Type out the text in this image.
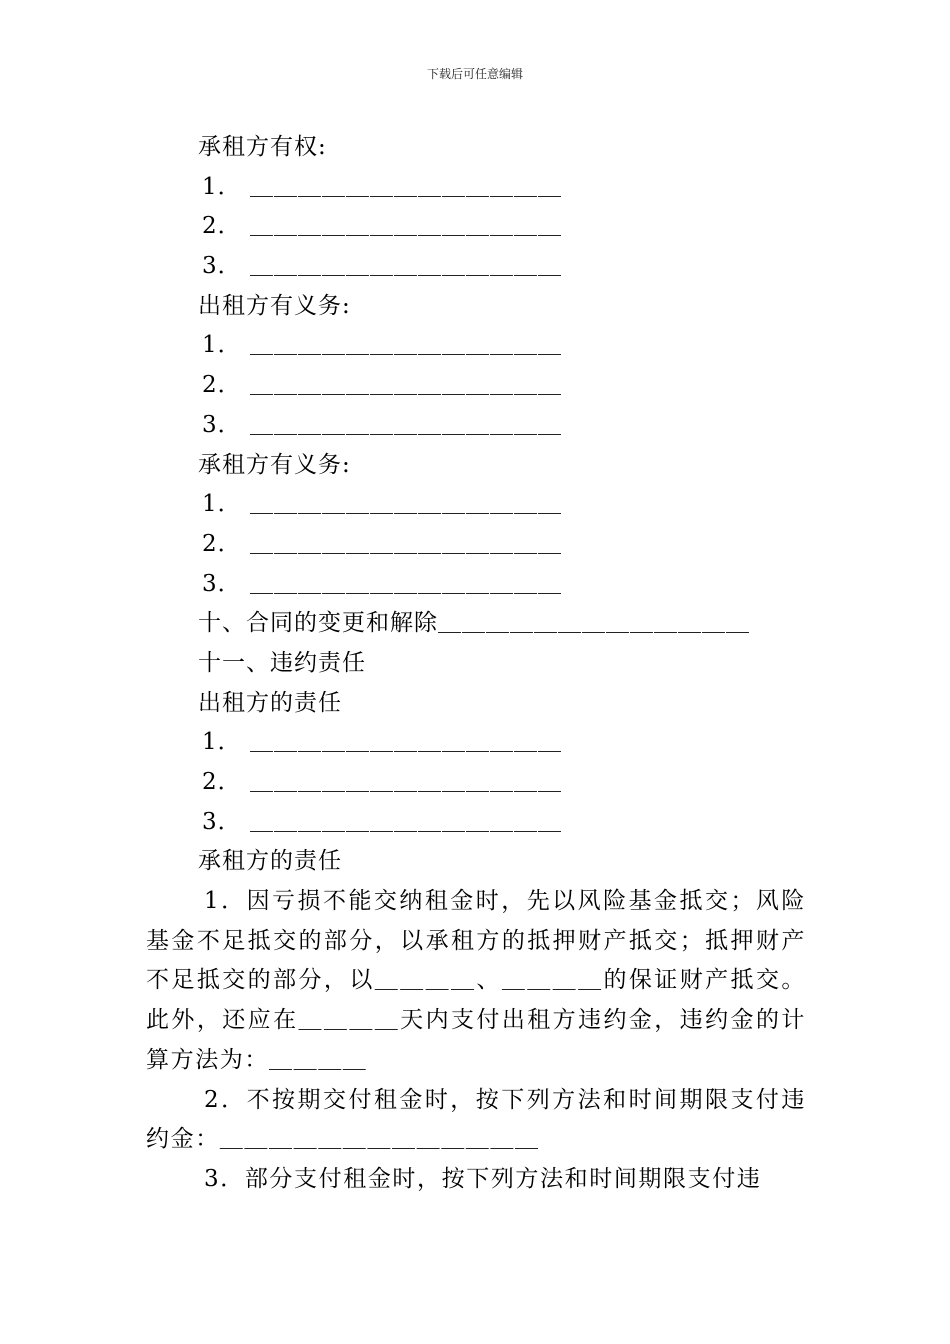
下载后可任意编辑
承租方有权:
1． ＿＿＿＿＿＿＿＿＿＿＿＿＿
2． ＿＿＿＿＿＿＿＿＿＿＿＿＿
3． ＿＿＿＿＿＿＿＿＿＿＿＿＿
出租方有义务:
1． ＿＿＿＿＿＿＿＿＿＿＿＿＿
2． ＿＿＿＿＿＿＿＿＿＿＿＿＿
3． ＿＿＿＿＿＿＿＿＿＿＿＿＿
承租方有义务:
1． ＿＿＿＿＿＿＿＿＿＿＿＿＿
2． ＿＿＿＿＿＿＿＿＿＿＿＿＿
3． ＿＿＿＿＿＿＿＿＿＿＿＿＿
十、合同的变更和解除＿＿＿＿＿＿＿＿＿＿＿＿＿
十一、违约责任
出租方的责任
1． ＿＿＿＿＿＿＿＿＿＿＿＿＿
2． ＿＿＿＿＿＿＿＿＿＿＿＿＿
3． ＿＿＿＿＿＿＿＿＿＿＿＿＿
承租方的责任

1．因亏损不能交纳租金时，先以风险基金抵交；风险基金不足抵交的部分，以承租方的抵押财产抵交；抵押财产不足抵交的部分，以＿＿＿＿、＿＿＿＿的保证财产抵交。此外，还应在＿＿＿＿天内支付出租方违约金，违约金的计算方法为：＿＿＿＿

2．不按期交付租金时，按下列方法和时间期限支付违约金：＿＿＿＿＿＿＿＿＿＿＿＿＿

3．部分支付租金时，按下列方法和时间期限支付违
